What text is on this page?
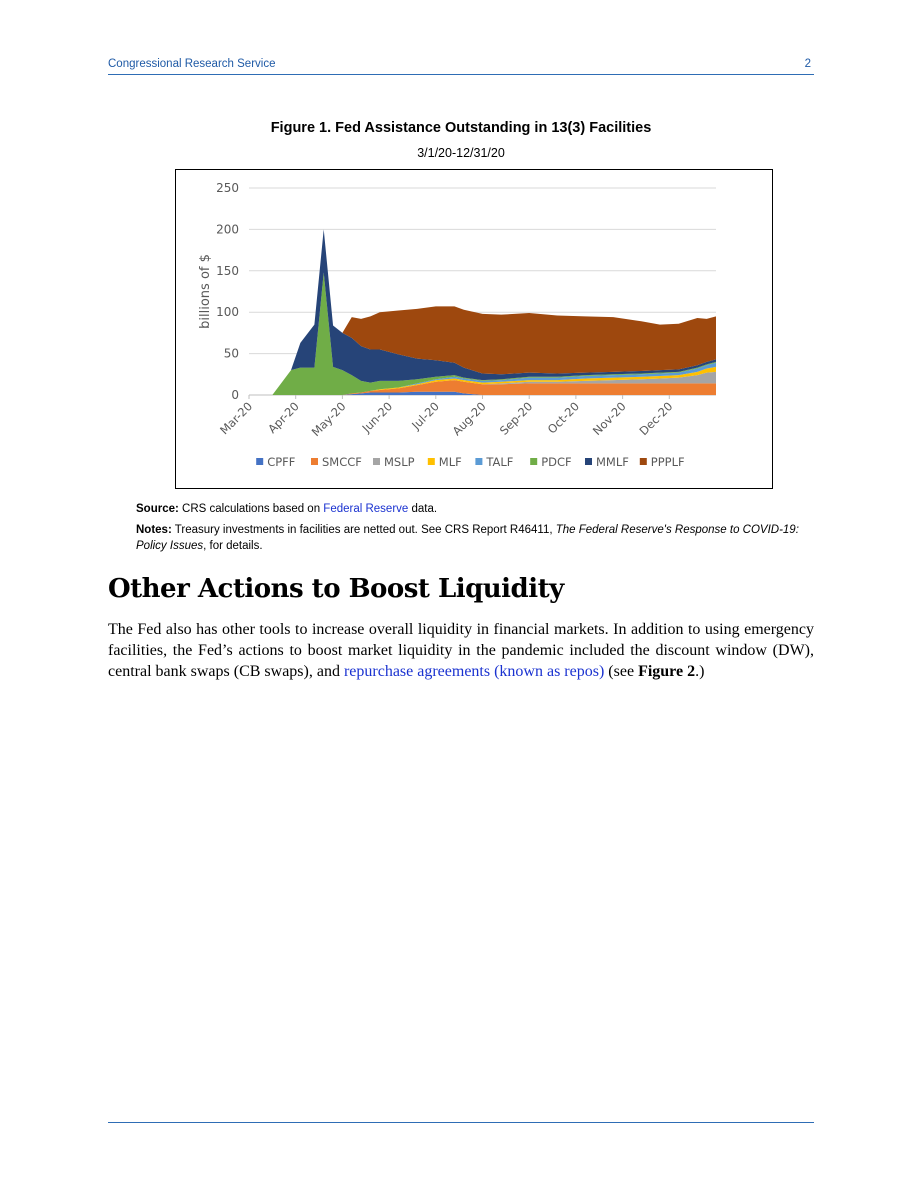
Congressional Research Service	2
Figure 1. Fed Assistance Outstanding in 13(3) Facilities
3/1/20-12/31/20
0
50
100
150
200
250
billions of $
Mar-20 Apr-20 May-20 Jun-20 Jul-20 Aug-20 Sep-20 Oct-20 Nov-20 Dec-20
CPFF SMCCF MSLP MLF TALF PDCF MMLF PPPLF
Source: CRS calculations based on Federal Reserve data.
Notes: Treasury investments in facilities are netted out. See CRS Report R46411, The Federal Reserve's Response to COVID-19: Policy Issues, for details.
Other Actions to Boost Liquidity
The Fed also has other tools to increase overall liquidity in financial markets. In addition to using emergency facilities, the Fed’s actions to boost market liquidity in the pandemic included the discount window (DW), central bank swaps (CB swaps), and repurchase agreements (known as repos) (see Figure 2.)
